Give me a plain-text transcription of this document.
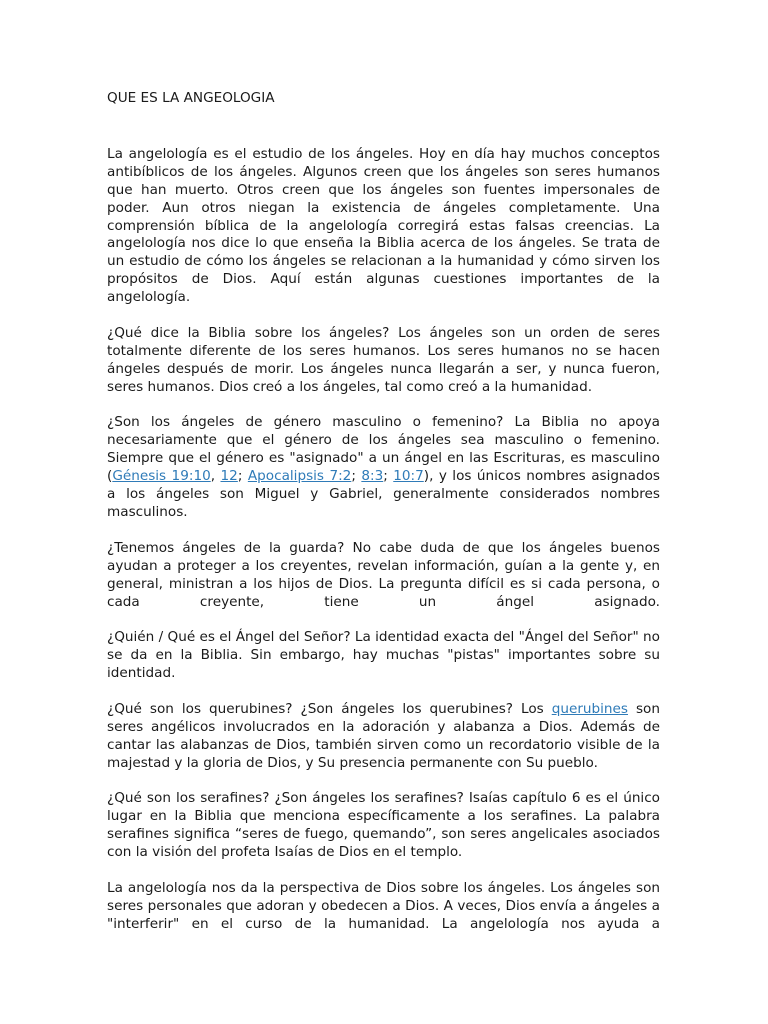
QUE ES LA ANGEOLOGIA

La angelología es el estudio de los ángeles. Hoy en día hay muchos conceptos antibíblicos de los ángeles. Algunos creen que los ángeles son seres humanos que han muerto. Otros creen que los ángeles son fuentes impersonales de poder. Aun otros niegan la existencia de ángeles completamente. Una comprensión bíblica de la angelología corregirá estas falsas creencias. La angelología nos dice lo que enseña la Biblia acerca de los ángeles. Se trata de un estudio de cómo los ángeles se relacionan a la humanidad y cómo sirven los propósitos de Dios. Aquí están algunas cuestiones importantes de la angelología.

¿Qué dice la Biblia sobre los ángeles? Los ángeles son un orden de seres totalmente diferente de los seres humanos. Los seres humanos no se hacen ángeles después de morir. Los ángeles nunca llegarán a ser, y nunca fueron, seres humanos. Dios creó a los ángeles, tal como creó a la humanidad.

¿Son los ángeles de género masculino o femenino? La Biblia no apoya necesariamente que el género de los ángeles sea masculino o femenino. Siempre que el género es "asignado" a un ángel en las Escrituras, es masculino (Génesis 19:10, 12; Apocalipsis 7:2; 8:3; 10:7), y los únicos nombres asignados a los ángeles son Miguel y Gabriel, generalmente considerados nombres masculinos.

¿Tenemos ángeles de la guarda? No cabe duda de que los ángeles buenos ayudan a proteger a los creyentes, revelan información, guían a la gente y, en general, ministran a los hijos de Dios. La pregunta difícil es si cada persona, o cada creyente, tiene un ángel asignado.

¿Quién / Qué es el Ángel del Señor? La identidad exacta del "Ángel del Señor" no se da en la Biblia. Sin embargo, hay muchas "pistas" importantes sobre su identidad.

¿Qué son los querubines? ¿Son ángeles los querubines? Los querubines son seres angélicos involucrados en la adoración y alabanza a Dios. Además de cantar las alabanzas de Dios, también sirven como un recordatorio visible de la majestad y la gloria de Dios, y Su presencia permanente con Su pueblo.

¿Qué son los serafines? ¿Son ángeles los serafines? Isaías capítulo 6 es el único lugar en la Biblia que menciona específicamente a los serafines. La palabra serafines significa “seres de fuego, quemando”, son seres angelicales asociados con la visión del profeta Isaías de Dios en el templo.

La angelología nos da la perspectiva de Dios sobre los ángeles. Los ángeles son seres personales que adoran y obedecen a Dios. A veces, Dios envía a ángeles a "interferir" en el curso de la humanidad. La angelología nos ayuda a
